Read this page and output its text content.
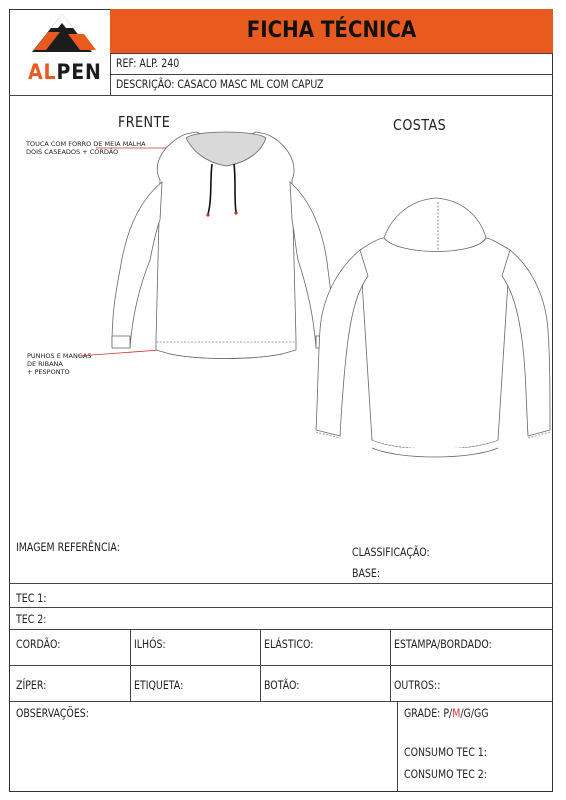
FICHA TÉCNICA
REF: ALP. 240
DESCRIÇÃO: CASACO MASC ML COM CAPUZ
ALPEN
FRENTE	COSTAS
TOUCA COM FORRO DE MEIA MALHA
DOIS CASEADOS + CORDÃO
PUNHOS E MANGAS
DE RIBANA
+ PESPONTO
IMAGEM REFERÊNCIA:	CLASSIFICAÇÃO:
BASE:
TEC 1:
TEC 2:
CORDÃO:	ILHÓS:	ELÁSTICO:	ESTAMPA/BORDADO:
ZÍPER:	ETIQUETA:	BOTÃO:	OUTROS::
OBSERVAÇÕES:	GRADE: P/M/G/GG
CONSUMO TEC 1:
CONSUMO TEC 2:
